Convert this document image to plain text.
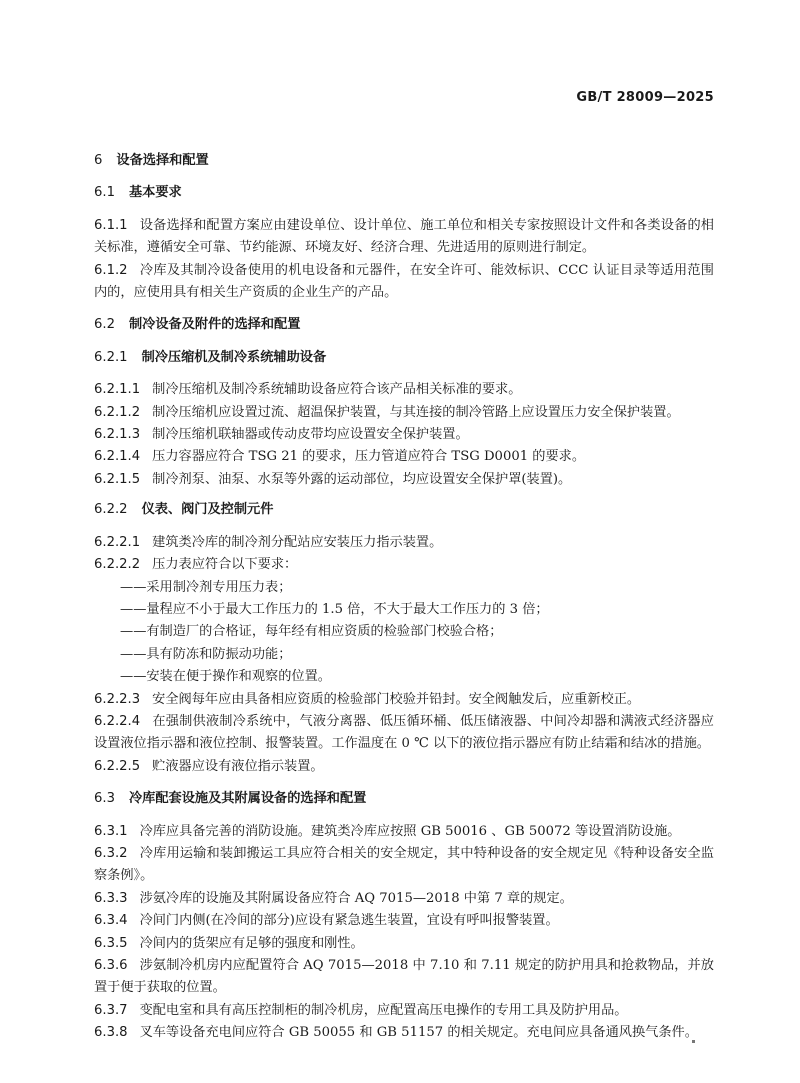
GB/T 28009—2025
6 设备选择和配置
6.1 基本要求
6.1.1 设备选择和配置方案应由建设单位、设计单位、施工单位和相关专家按照设计文件和各类设备的相关标准，遵循安全可靠、节约能源、环境友好、经济合理、先进适用的原则进行制定。
6.1.2 冷库及其制冷设备使用的机电设备和元器件，在安全许可、能效标识、CCC 认证目录等适用范围内的，应使用具有相关生产资质的企业生产的产品。
6.2 制冷设备及附件的选择和配置
6.2.1 制冷压缩机及制冷系统辅助设备
6.2.1.1 制冷压缩机及制冷系统辅助设备应符合该产品相关标准的要求。
6.2.1.2 制冷压缩机应设置过流、超温保护装置，与其连接的制冷管路上应设置压力安全保护装置。
6.2.1.3 制冷压缩机联轴器或传动皮带均应设置安全保护装置。
6.2.1.4 压力容器应符合 TSG 21 的要求，压力管道应符合 TSG D0001 的要求。
6.2.1.5 制冷剂泵、油泵、水泵等外露的运动部位，均应设置安全保护罩(装置)。
6.2.2 仪表、阀门及控制元件
6.2.2.1 建筑类冷库的制冷剂分配站应安装压力指示装置。
6.2.2.2 压力表应符合以下要求：
——采用制冷剂专用压力表；
——量程应不小于最大工作压力的 1.5 倍，不大于最大工作压力的 3 倍；
——有制造厂的合格证，每年经有相应资质的检验部门校验合格；
——具有防冻和防振动功能；
——安装在便于操作和观察的位置。
6.2.2.3 安全阀每年应由具备相应资质的检验部门校验并铅封。安全阀触发后，应重新校正。
6.2.2.4 在强制供液制冷系统中，气液分离器、低压循环桶、低压储液器、中间冷却器和满液式经济器应设置液位指示器和液位控制、报警装置。工作温度在 0 ℃ 以下的液位指示器应有防止结霜和结冰的措施。
6.2.2.5 贮液器应设有液位指示装置。
6.3 冷库配套设施及其附属设备的选择和配置
6.3.1 冷库应具备完善的消防设施。建筑类冷库应按照 GB 50016 、GB 50072 等设置消防设施。
6.3.2 冷库用运输和装卸搬运工具应符合相关的安全规定，其中特种设备的安全规定见《特种设备安全监察条例》。
6.3.3 涉氨冷库的设施及其附属设备应符合 AQ 7015—2018 中第 7 章的规定。
6.3.4 冷间门内侧(在冷间的部分)应设有紧急逃生装置，宜设有呼叫报警装置。
6.3.5 冷间内的货架应有足够的强度和刚性。
6.3.6 涉氨制冷机房内应配置符合 AQ 7015—2018 中 7.10 和 7.11 规定的防护用具和抢救物品，并放置于便于获取的位置。
6.3.7 变配电室和具有高压控制柜的制冷机房，应配置高压电操作的专用工具及防护用品。
6.3.8 叉车等设备充电间应符合 GB 50055 和 GB 51157 的相关规定。充电间应具备通风换气条件。
